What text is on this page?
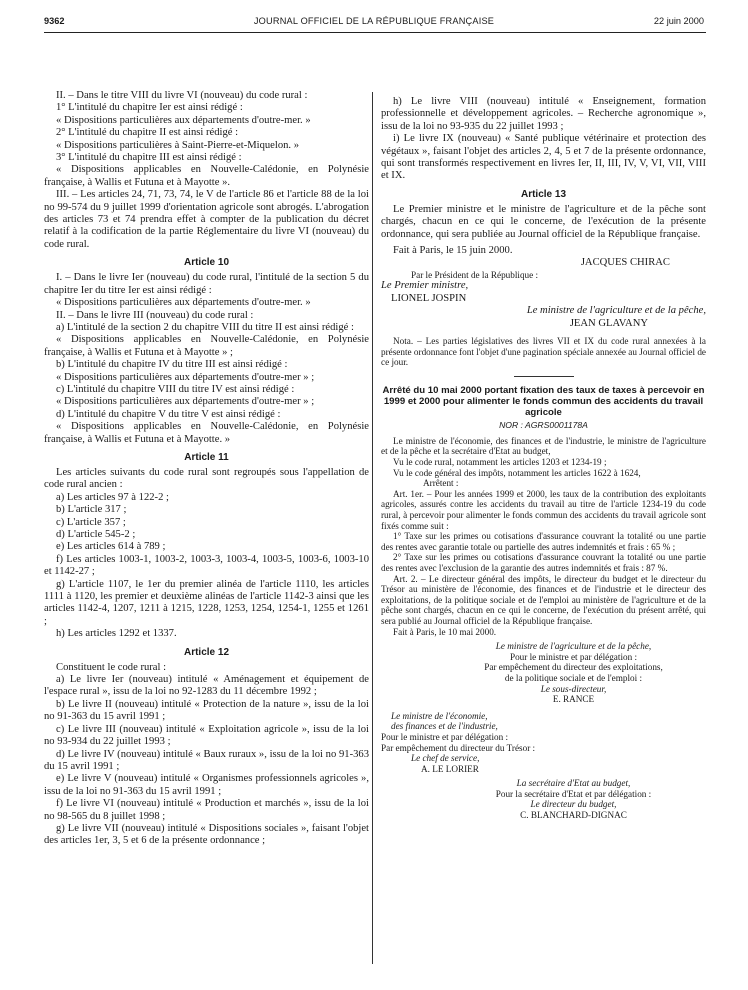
9362	JOURNAL OFFICIEL DE LA RÉPUBLIQUE FRANÇAISE	22 juin 2000

II. – Dans le titre VIII du livre VI (nouveau) du code rural :

1° L'intitulé du chapitre Ier est ainsi rédigé :

« Dispositions particulières aux départements d'outre-mer. »

2° L'intitulé du chapitre II est ainsi rédigé :

« Dispositions particulières à Saint-Pierre-et-Miquelon. »

3° L'intitulé du chapitre III est ainsi rédigé :

« Dispositions applicables en Nouvelle-Calédonie, en Polynésie française, à Wallis et Futuna et à Mayotte ».

III. – Les articles 24, 71, 73, 74, le V de l'article 86 et l'article 88 de la loi no 99-574 du 9 juillet 1999 d'orientation agricole sont abrogés. L'abrogation des articles 73 et 74 prendra effet à compter de la publication du décret relatif à la codification de la partie Réglementaire du livre VI (nouveau) du code rural.

Article 10

I. – Dans le livre Ier (nouveau) du code rural, l'intitulé de la section 5 du chapitre Ier du titre Ier est ainsi rédigé :

« Dispositions particulières aux départements d'outre-mer. »

II. – Dans le livre III (nouveau) du code rural :

a) L'intitulé de la section 2 du chapitre VIII du titre II est ainsi rédigé :

« Dispositions applicables en Nouvelle-Calédonie, en Polynésie française, à Wallis et Futuna et à Mayotte » ;

b) L'intitulé du chapitre IV du titre III est ainsi rédigé :

« Dispositions particulières aux départements d'outre-mer » ;

c) L'intitulé du chapitre VIII du titre IV est ainsi rédigé :

« Dispositions particulières aux départements d'outre-mer » ;

d) L'intitulé du chapitre V du titre V est ainsi rédigé :

« Dispositions applicables en Nouvelle-Calédonie, en Polynésie française, à Wallis et Futuna et à Mayotte. »

Article 11

Les articles suivants du code rural sont regroupés sous l'appellation de code rural ancien :

a) Les articles 97 à 122-2 ;

b) L'article 317 ;

c) L'article 357 ;

d) L'article 545-2 ;

e) Les articles 614 à 789 ;

f) Les articles 1003-1, 1003-2, 1003-3, 1003-4, 1003-5, 1003-6, 1003-10 et 1142-27 ;

g) L'article 1107, le 1er du premier alinéa de l'article 1110, les articles 1111 à 1120, les premier et deuxième alinéas de l'article 1142-3 ainsi que les articles 1142-4, 1207, 1211 à 1215, 1228, 1253, 1254, 1254-1, 1255 et 1261 ;

h) Les articles 1292 et 1337.

Article 12

Constituent le code rural :

a) Le livre Ier (nouveau) intitulé « Aménagement et équipement de l'espace rural », issu de la loi no 92-1283 du 11 décembre 1992 ;

b) Le livre II (nouveau) intitulé « Protection de la nature », issu de la loi no 91-363 du 15 avril 1991 ;

c) Le livre III (nouveau) intitulé « Exploitation agricole », issu de la loi no 93-934 du 22 juillet 1993 ;

d) Le livre IV (nouveau) intitulé « Baux ruraux », issu de la loi no 91-363 du 15 avril 1991 ;

e) Le livre V (nouveau) intitulé « Organismes professionnels agricoles », issu de la loi no 91-363 du 15 avril 1991 ;

f) Le livre VI (nouveau) intitulé « Production et marchés », issu de la loi no 98-565 du 8 juillet 1998 ;

g) Le livre VII (nouveau) intitulé « Dispositions sociales », faisant l'objet des articles 1er, 3, 5 et 6 de la présente ordonnance ;

h) Le livre VIII (nouveau) intitulé « Enseignement, formation professionnelle et développement agricoles. – Recherche agronomique », issu de la loi no 93-935 du 22 juillet 1993 ;

i) Le livre IX (nouveau) « Santé publique vétérinaire et protection des végétaux », faisant l'objet des articles 2, 4, 5 et 7 de la présente ordonnance, qui sont transformés respectivement en livres Ier, II, III, IV, V, VI, VII, VIII et IX.

Article 13

Le Premier ministre et le ministre de l'agriculture et de la pêche sont chargés, chacun en ce qui le concerne, de l'exécution de la présente ordonnance, qui sera publiée au Journal officiel de la République française.

Fait à Paris, le 15 juin 2000.

JACQUES CHIRAC

Par le Président de la République :

Le Premier ministre,

LIONEL JOSPIN

Le ministre de l'agriculture et de la pêche,

JEAN GLAVANY

Nota. – Les parties législatives des livres VII et IX du code rural annexées à la présente ordonnance font l'objet d'une pagination spéciale annexée au Journal officiel de ce jour.

Arrêté du 10 mai 2000 portant fixation des taux de taxes à percevoir en 1999 et 2000 pour alimenter le fonds commun des accidents du travail agricole
NOR : AGRS0001178A

Le ministre de l'économie, des finances et de l'industrie, le ministre de l'agriculture et de la pêche et la secrétaire d'Etat au budget,

Vu le code rural, notamment les articles 1203 et 1234-19 ;

Vu le code général des impôts, notamment les articles 1622 à 1624,

Arrêtent :

Art. 1er. – Pour les années 1999 et 2000, les taux de la contribution des exploitants agricoles, assurés contre les accidents du travail au titre de l'article 1234-19 du code rural, à percevoir pour alimenter le fonds commun des accidents du travail agricole sont fixés comme suit :

1° Taxe sur les primes ou cotisations d'assurance couvrant la totalité ou une partie des rentes avec garantie totale ou partielle des autres indemnités et frais : 65 % ;

2° Taxe sur les primes ou cotisations d'assurance couvrant la totalité ou une partie des rentes avec l'exclusion de la garantie des autres indemnités et frais : 87 %.

Art. 2. – Le directeur général des impôts, le directeur du budget et le directeur du Trésor au ministère de l'économie, des finances et de l'industrie et le directeur des exploitations, de la politique sociale et de l'emploi au ministère de l'agriculture et de la pêche sont chargés, chacun en ce qui le concerne, de l'exécution du présent arrêté, qui sera publié au Journal officiel de la République française.

Fait à Paris, le 10 mai 2000.

Le ministre de l'agriculture et de la pêche,

Pour le ministre et par délégation :

Par empêchement du directeur des exploitations,

de la politique sociale et de l'emploi :

Le sous-directeur,

E. RANCE

Le ministre de l'économie,

des finances et de l'industrie,

Pour le ministre et par délégation :

Par empêchement du directeur du Trésor :

Le chef de service,

A. LE LORIER

La secrétaire d'Etat au budget,

Pour la secrétaire d'Etat et par délégation :

Le directeur du budget,

C. BLANCHARD-DIGNAC
